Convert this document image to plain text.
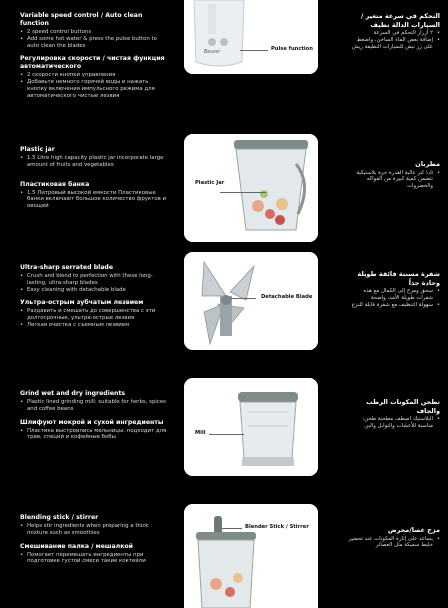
Variable speed control / Auto clean function
• 2 speed control buttons
• Add some hot water & press the pulse button to auto clean the blades
Регулировка скорости / чистая функция автоматического
• 2 скорости кнопки управления
• Добавьте немного горячей воды и нажать кнопку включения импульсного режима для автоматического чистые лезвия
Beurer
Pulse function
التحكم في سرعة متغير / السيارات الدالة نظيف
• ٢ أزرار التحكم في السرعة
• إضافة بعض الماء الساخن، واضغط على زر نبض للسيارات النظيفة ريش
Plastic jar
• 1.5 Litre high capacity plastic jar incorporate large amount of fruits and vegetables
Пластиковая банка
• 1.5 Литровый высокой емкости Пластиковые банки включают большое количество фруктов и овощей
Plastic Jar
مطربان
• ١٫٥ لتر عالية القدرة جرة بلاستيكية تتضمن كمية كبيرة من الفواكه والخضروات
Ultra-sharp serrated blade
• Crush and blend to perfection with these long-lasting, ultra-sharp blades
• Easy cleaning with detachable blade
Ультра-острым зубчатым лезвием
• Раздавить и смешать до совершенства с эти долгосрочные, ультра-острые лезвия
• Легкая очистка с съемным лезвием
Detachable Blade
شفرة مسننة فائقة طويلة وحادة جداً
• سحق ومزج إلى الكمال مع هذه شفرات طويلة الأمد، واضحة
• سهولة التنظيف مع شفرة قابلة للنزع
Grind wet and dry ingredients
• Plastic lined grinding mill: suitable for herbs, spices and coffee beans
Шлифуют мокрой и сухой ингредиенты
• Пластика выстроились мельницы: подходит для трав, специй и кофейные бобы
Mill
تطحن المكونات الرطب والجاف
• البلاستيك اصطف مطحنة طحن: مناسبة للأعشاب والتوابل والبن
Blending stick / stirrer
• Helps stir ingredients when preparing a thick mixture such as smoothies
Смешивание палка / мешалкой
• Помогает перемешать ингредиенты при подготовке густой смеси такие коктейли
Blender Stick / Stirrer	مزج عصا/محرض
• يساعد على إثارة المكونات عند تحضير خليط سميكة مثل العصائر
